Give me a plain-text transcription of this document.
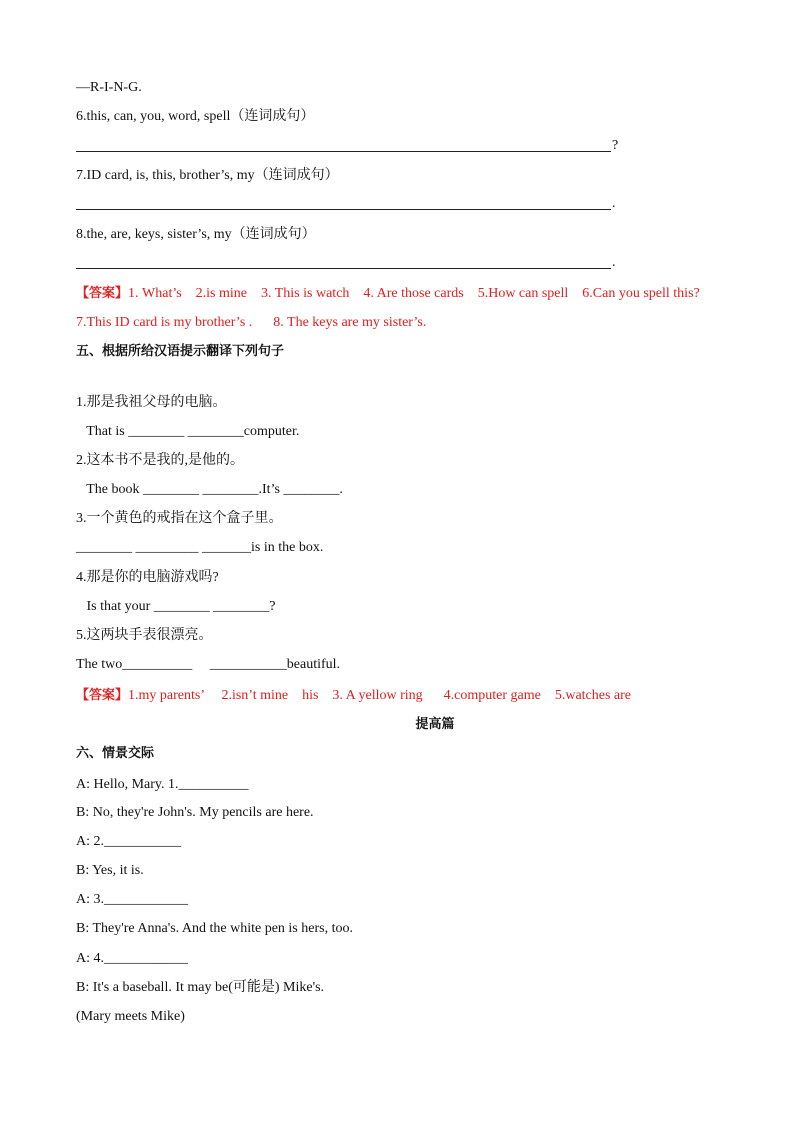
—R-I-N-G.
6.this, can, you, word, spell（连词成句）
?
7.ID card, is, this, brother’s, my（连词成句）
.
8.the, are, keys, sister’s, my（连词成句）
.
【答案】1. What’s    2.is mine    3. This is watch    4. Are those cards    5.How can spell    6.Can you spell this?
7.This ID card is my brother’s .      8. The keys are my sister’s.
五、根据所给汉语提示翻译下列句子
1.那是我祖父母的电脑。
That is ________ ________computer.
2.这本书不是我的,是他的。
The book ________ ________.It’s ________.
3.一个黄色的戒指在这个盒子里。
________ _________ _______is in the box.
4.那是你的电脑游戏吗?
Is that your ________ ________?
5.这两块手表很漂亮。
The two__________     ___________beautiful.
【答案】1.my parents’     2.isn’t mine    his    3. A yellow ring      4.computer game    5.watches are
提高篇
六、情景交际
A: Hello, Mary. 1.__________
B: No, they're John's. My pencils are here.
A: 2.___________
B: Yes, it is.
A: 3.____________
B: They're Anna's. And the white pen is hers, too.
A: 4.____________
B: It's a baseball. It may be(可能是) Mike's.
(Mary meets Mike)
